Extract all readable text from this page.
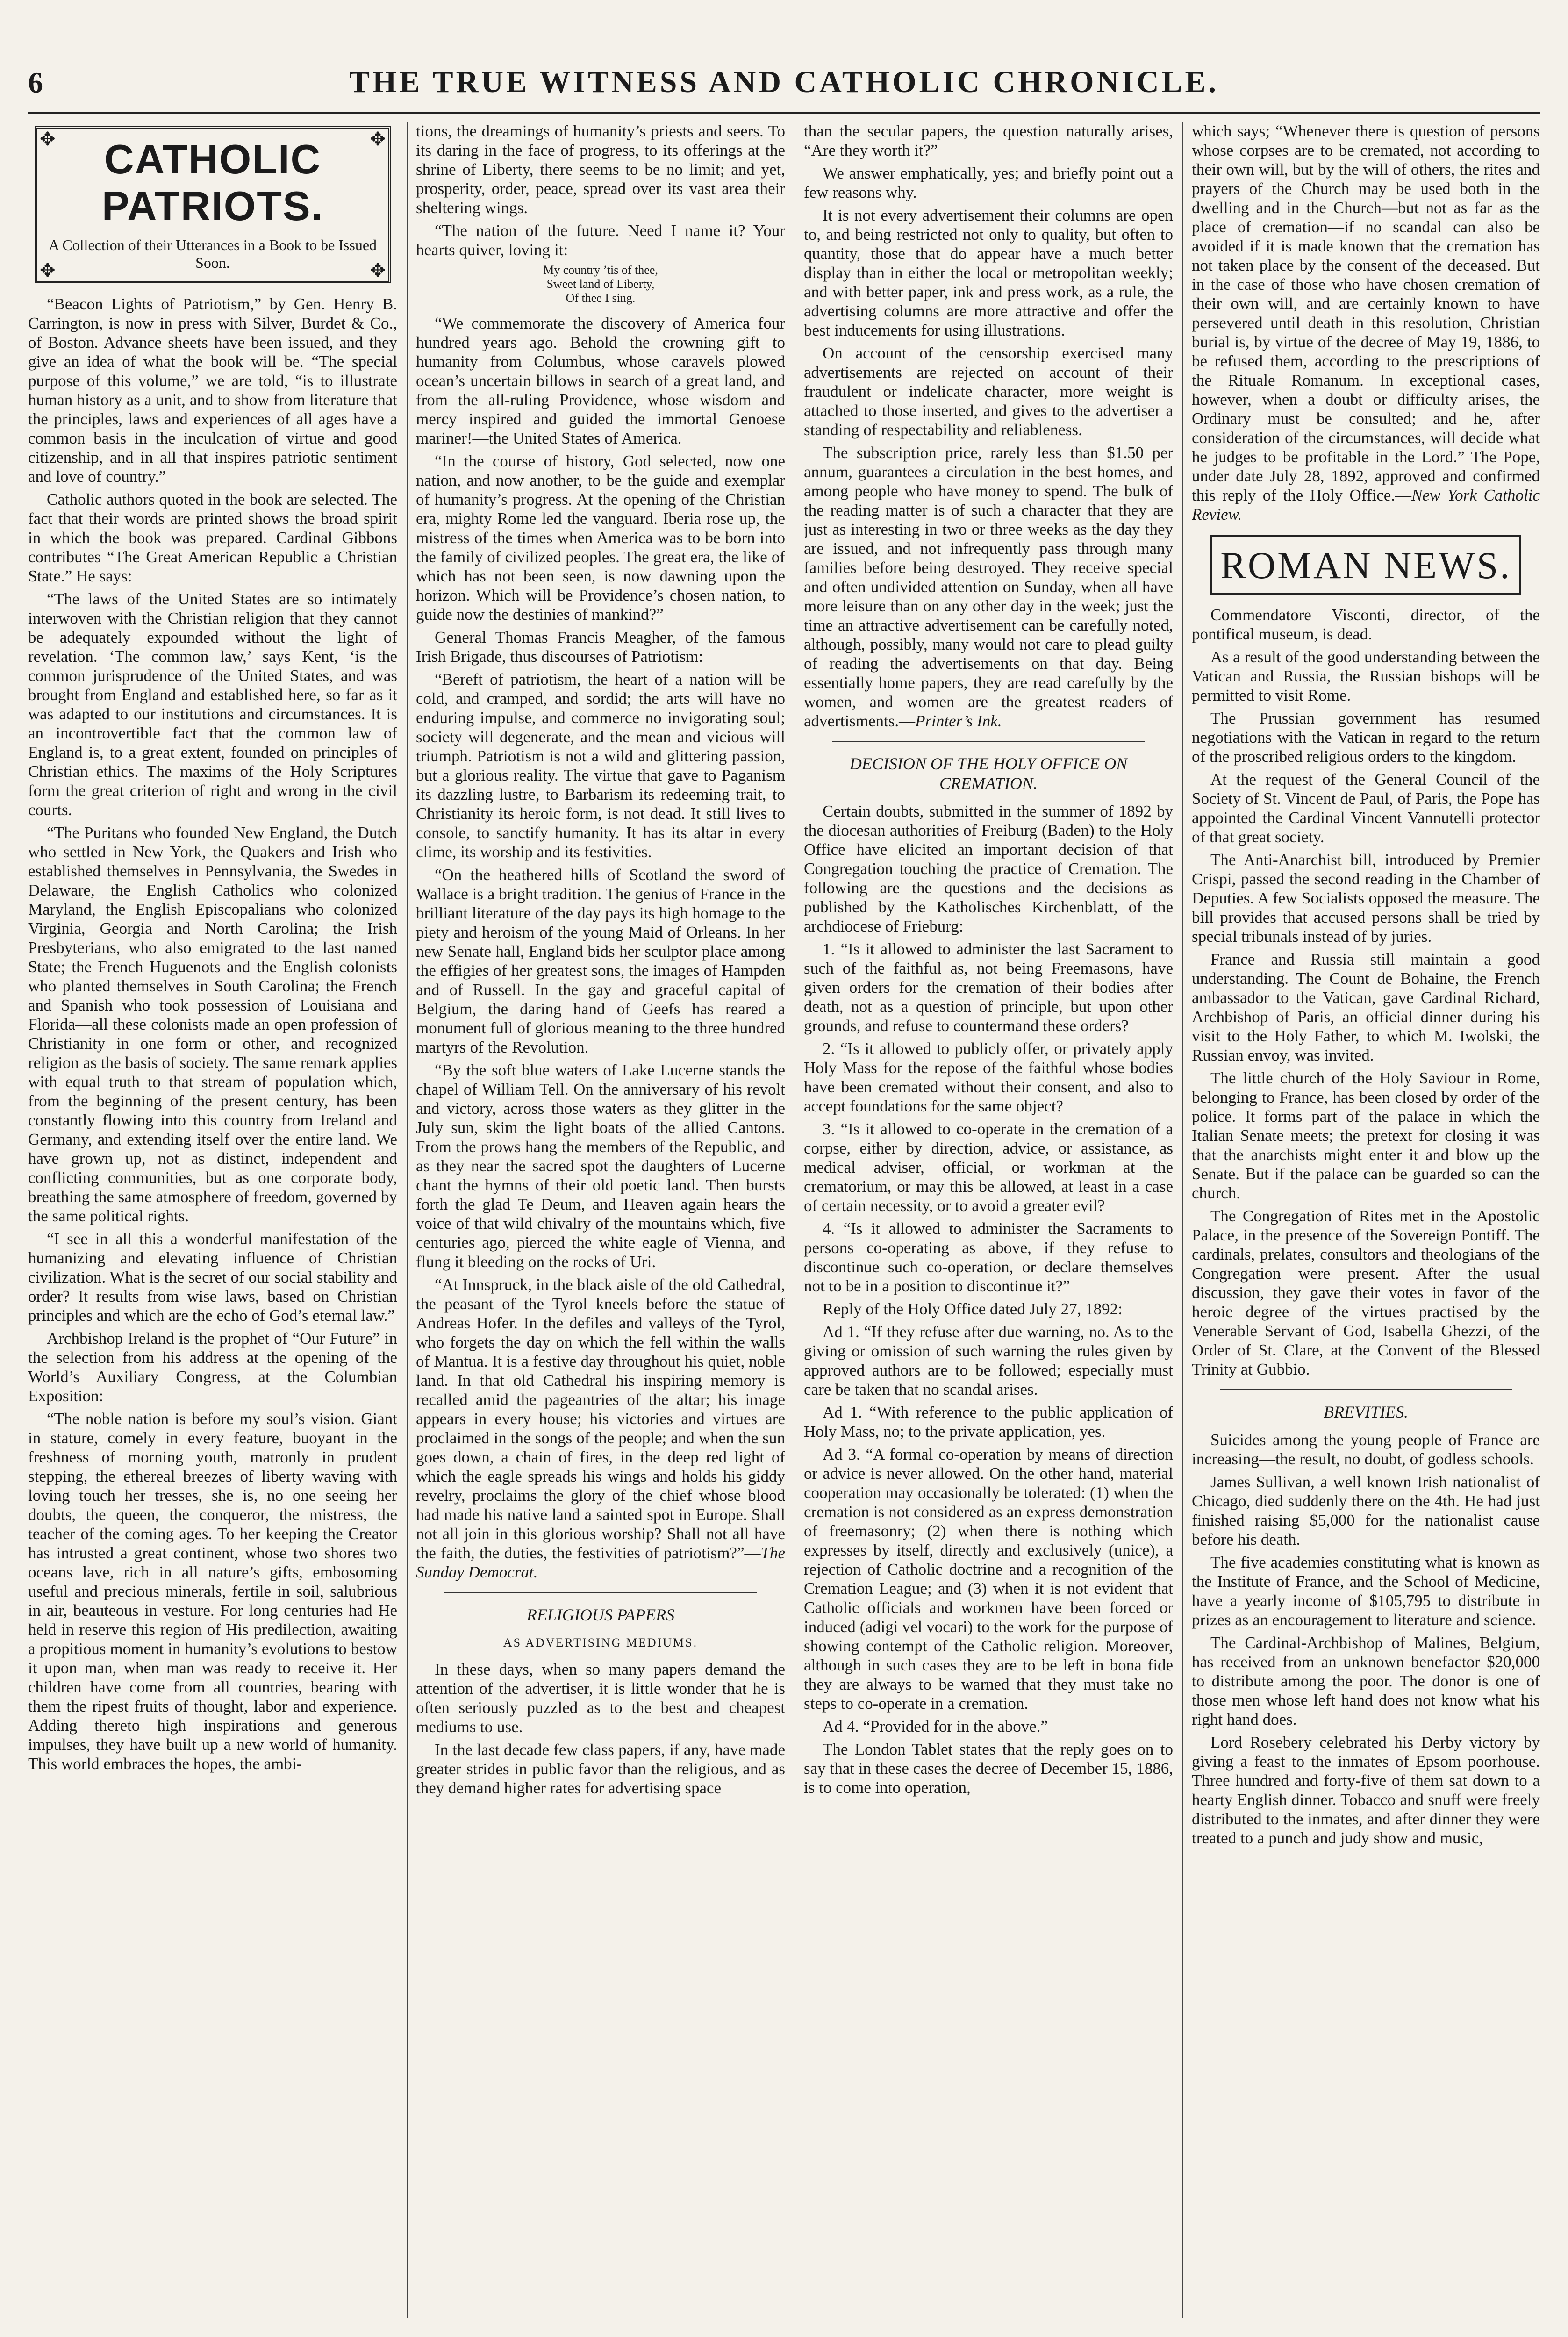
6	THE TRUE WITNESS AND CATHOLIC CHRONICLE.
✥	✥
✥	✥
CATHOLIC PATRIOTS.
A Collection of their Utterances in a Book to be Issued Soon.

“Beacon Lights of Patriotism,” by Gen. Henry B. Carrington, is now in press with Silver, Burdet & Co., of Boston. Advance sheets have been issued, and they give an idea of what the book will be. “The special purpose of this volume,” we are told, “is to illustrate human history as a unit, and to show from literature that the principles, laws and experiences of all ages have a common basis in the inculcation of virtue and good citizenship, and in all that inspires patriotic sentiment and love of country.”

Catholic authors quoted in the book are selected. The fact that their words are printed shows the broad spirit in which the book was prepared. Cardinal Gibbons contributes “The Great American Republic a Christian State.” He says:

“The laws of the United States are so intimately interwoven with the Christian religion that they cannot be adequately expounded without the light of revelation. ‘The common law,’ says Kent, ‘is the common jurisprudence of the United States, and was brought from England and established here, so far as it was adapted to our institutions and circumstances. It is an incontrovertible fact that the common law of England is, to a great extent, founded on principles of Christian ethics. The maxims of the Holy Scriptures form the great criterion of right and wrong in the civil courts.

“The Puritans who founded New England, the Dutch who settled in New York, the Quakers and Irish who established themselves in Pennsylvania, the Swedes in Delaware, the English Catholics who colonized Maryland, the English Episcopalians who colonized Virginia, Georgia and North Carolina; the Irish Presbyterians, who also emigrated to the last named State; the French Huguenots and the English colonists who planted themselves in South Carolina; the French and Spanish who took possession of Louisiana and Florida—all these colonists made an open profession of Christianity in one form or other, and recognized religion as the basis of society. The same remark applies with equal truth to that stream of population which, from the beginning of the present century, has been constantly flowing into this country from Ireland and Germany, and extending itself over the entire land. We have grown up, not as distinct, independent and conflicting communities, but as one corporate body, breathing the same atmosphere of freedom, governed by the same political rights.

“I see in all this a wonderful manifestation of the humanizing and elevating influence of Christian civilization. What is the secret of our social stability and order? It results from wise laws, based on Christian principles and which are the echo of God’s eternal law.”

Archbishop Ireland is the prophet of “Our Future” in the selection from his address at the opening of the World’s Auxiliary Congress, at the Columbian Exposition:

“The noble nation is before my soul’s vision. Giant in stature, comely in every feature, buoyant in the freshness of morning youth, matronly in prudent stepping, the ethereal breezes of liberty waving with loving touch her tresses, she is, no one seeing her doubts, the queen, the conqueror, the mistress, the teacher of the coming ages. To her keeping the Creator has intrusted a great continent, whose two shores two oceans lave, rich in all nature’s gifts, embosoming useful and precious minerals, fertile in soil, salubrious in air, beauteous in vesture. For long centuries had He held in reserve this region of His predilection, awaiting a propitious moment in humanity’s evolutions to bestow it upon man, when man was ready to receive it. Her children have come from all countries, bearing with them the ripest fruits of thought, labor and experience. Adding thereto high inspirations and generous impulses, they have built up a new world of humanity. This world embraces the hopes, the ambi-

tions, the dreamings of humanity’s priests and seers. To its daring in the face of progress, to its offerings at the shrine of Liberty, there seems to be no limit; and yet, prosperity, order, peace, spread over its vast area their sheltering wings.

“The nation of the future. Need I name it? Your hearts quiver, loving it:

My country ’tis of thee,
Sweet land of Liberty,
Of thee I sing.

“We commemorate the discovery of America four hundred years ago. Behold the crowning gift to humanity from Columbus, whose caravels plowed ocean’s uncertain billows in search of a great land, and from the all-ruling Providence, whose wisdom and mercy inspired and guided the immortal Genoese mariner!—the United States of America.

“In the course of history, God selected, now one nation, and now another, to be the guide and exemplar of humanity’s progress. At the opening of the Christian era, mighty Rome led the vanguard. Iberia rose up, the mistress of the times when America was to be born into the family of civilized peoples. The great era, the like of which has not been seen, is now dawning upon the horizon. Which will be Providence’s chosen nation, to guide now the destinies of mankind?”

General Thomas Francis Meagher, of the famous Irish Brigade, thus discourses of Patriotism:

“Bereft of patriotism, the heart of a nation will be cold, and cramped, and sordid; the arts will have no enduring impulse, and commerce no invigorating soul; society will degenerate, and the mean and vicious will triumph. Patriotism is not a wild and glittering passion, but a glorious reality. The virtue that gave to Paganism its dazzling lustre, to Barbarism its redeeming trait, to Christianity its heroic form, is not dead. It still lives to console, to sanctify humanity. It has its altar in every clime, its worship and its festivities.

“On the heathered hills of Scotland the sword of Wallace is a bright tradition. The genius of France in the brilliant literature of the day pays its high homage to the piety and heroism of the young Maid of Orleans. In her new Senate hall, England bids her sculptor place among the effigies of her greatest sons, the images of Hampden and of Russell. In the gay and graceful capital of Belgium, the daring hand of Geefs has reared a monument full of glorious meaning to the three hundred martyrs of the Revolution.

“By the soft blue waters of Lake Lucerne stands the chapel of William Tell. On the anniversary of his revolt and victory, across those waters as they glitter in the July sun, skim the light boats of the allied Cantons. From the prows hang the members of the Republic, and as they near the sacred spot the daughters of Lucerne chant the hymns of their old poetic land. Then bursts forth the glad Te Deum, and Heaven again hears the voice of that wild chivalry of the mountains which, five centuries ago, pierced the white eagle of Vienna, and flung it bleeding on the rocks of Uri.

“At Innspruck, in the black aisle of the old Cathedral, the peasant of the Tyrol kneels before the statue of Andreas Hofer. In the defiles and valleys of the Tyrol, who forgets the day on which the fell within the walls of Mantua. It is a festive day throughout his quiet, noble land. In that old Cathedral his inspiring memory is recalled amid the pageantries of the altar; his image appears in every house; his victories and virtues are proclaimed in the songs of the people; and when the sun goes down, a chain of fires, in the deep red light of which the eagle spreads his wings and holds his giddy revelry, proclaims the glory of the chief whose blood had made his native land a sainted spot in Europe. Shall not all join in this glorious worship? Shall not all have the faith, the duties, the festivities of patriotism?”—The Sunday Democrat.

RELIGIOUS PAPERS
AS ADVERTISING MEDIUMS.

In these days, when so many papers demand the attention of the advertiser, it is little wonder that he is often seriously puzzled as to the best and cheapest mediums to use.

In the last decade few class papers, if any, have made greater strides in public favor than the religious, and as they demand higher rates for advertising space

than the secular papers, the question naturally arises, “Are they worth it?”

We answer emphatically, yes; and briefly point out a few reasons why.

It is not every advertisement their columns are open to, and being restricted not only to quality, but often to quantity, those that do appear have a much better display than in either the local or metropolitan weekly; and with better paper, ink and press work, as a rule, the advertising columns are more attractive and offer the best inducements for using illustrations.

On account of the censorship exercised many advertisements are rejected on account of their fraudulent or indelicate character, more weight is attached to those inserted, and gives to the advertiser a standing of respectability and reliableness.

The subscription price, rarely less than $1.50 per annum, guarantees a circulation in the best homes, and among people who have money to spend. The bulk of the reading matter is of such a character that they are just as interesting in two or three weeks as the day they are issued, and not infrequently pass through many families before being destroyed. They receive special and often undivided attention on Sunday, when all have more leisure than on any other day in the week; just the time an attractive advertisement can be carefully noted, although, possibly, many would not care to plead guilty of reading the advertisements on that day. Being essentially home papers, they are read carefully by the women, and women are the greatest readers of advertisments.—Printer’s Ink.

DECISION OF THE HOLY OFFICE ON CREMATION.

Certain doubts, submitted in the summer of 1892 by the diocesan authorities of Freiburg (Baden) to the Holy Office have elicited an important decision of that Congregation touching the practice of Cremation. The following are the questions and the decisions as published by the Katholisches Kirchenblatt, of the archdiocese of Frieburg:

1. “Is it allowed to administer the last Sacrament to such of the faithful as, not being Freemasons, have given orders for the cremation of their bodies after death, not as a question of principle, but upon other grounds, and refuse to countermand these orders?

2. “Is it allowed to publicly offer, or privately apply Holy Mass for the repose of the faithful whose bodies have been cremated without their consent, and also to accept foundations for the same object?

3. “Is it allowed to co-operate in the cremation of a corpse, either by direction, advice, or assistance, as medical adviser, official, or workman at the crematorium, or may this be allowed, at least in a case of certain necessity, or to avoid a greater evil?

4. “Is it allowed to administer the Sacraments to persons co-operating as above, if they refuse to discontinue such co-operation, or declare themselves not to be in a position to discontinue it?”

Reply of the Holy Office dated July 27, 1892:

Ad 1. “If they refuse after due warning, no. As to the giving or omission of such warning the rules given by approved authors are to be followed; especially must care be taken that no scandal arises.

Ad 1. “With reference to the public application of Holy Mass, no; to the private application, yes.

Ad 3. “A formal co-operation by means of direction or advice is never allowed. On the other hand, material cooperation may occasionally be tolerated: (1) when the cremation is not considered as an express demonstration of freemasonry; (2) when there is nothing which expresses by itself, directly and exclusively (unice), a rejection of Catholic doctrine and a recognition of the Cremation League; and (3) when it is not evident that Catholic officials and workmen have been forced or induced (adigi vel vocari) to the work for the purpose of showing contempt of the Catholic religion. Moreover, although in such cases they are to be left in bona fide they are always to be warned that they must take no steps to co-operate in a cremation.

Ad 4. “Provided for in the above.”

The London Tablet states that the reply goes on to say that in these cases the decree of December 15, 1886, is to come into operation,

which says; “Whenever there is question of persons whose corpses are to be cremated, not according to their own will, but by the will of others, the rites and prayers of the Church may be used both in the dwelling and in the Church—but not as far as the place of cremation—if no scandal can also be avoided if it is made known that the cremation has not taken place by the consent of the deceased. But in the case of those who have chosen cremation of their own will, and are certainly known to have persevered until death in this resolution, Christian burial is, by virtue of the decree of May 19, 1886, to be refused them, according to the prescriptions of the Rituale Romanum. In exceptional cases, however, when a doubt or difficulty arises, the Ordinary must be consulted; and he, after consideration of the circumstances, will decide what he judges to be profitable in the Lord.” The Pope, under date July 28, 1892, approved and confirmed this reply of the Holy Office.—New York Catholic Review.

ROMAN NEWS.

Commendatore Visconti, director, of the pontifical museum, is dead.

As a result of the good understanding between the Vatican and Russia, the Russian bishops will be permitted to visit Rome.

The Prussian government has resumed negotiations with the Vatican in regard to the return of the proscribed religious orders to the kingdom.

At the request of the General Council of the Society of St. Vincent de Paul, of Paris, the Pope has appointed the Cardinal Vincent Vannutelli protector of that great society.

The Anti-Anarchist bill, introduced by Premier Crispi, passed the second reading in the Chamber of Deputies. A few Socialists opposed the measure. The bill provides that accused persons shall be tried by special tribunals instead of by juries.

France and Russia still maintain a good understanding. The Count de Bohaine, the French ambassador to the Vatican, gave Cardinal Richard, Archbishop of Paris, an official dinner during his visit to the Holy Father, to which M. Iwolski, the Russian envoy, was invited.

The little church of the Holy Saviour in Rome, belonging to France, has been closed by order of the police. It forms part of the palace in which the Italian Senate meets; the pretext for closing it was that the anarchists might enter it and blow up the Senate. But if the palace can be guarded so can the church.

The Congregation of Rites met in the Apostolic Palace, in the presence of the Sovereign Pontiff. The cardinals, prelates, consultors and theologians of the Congregation were present. After the usual discussion, they gave their votes in favor of the heroic degree of the virtues practised by the Venerable Servant of God, Isabella Ghezzi, of the Order of St. Clare, at the Convent of the Blessed Trinity at Gubbio.

BREVITIES.

Suicides among the young people of France are increasing—the result, no doubt, of godless schools.

James Sullivan, a well known Irish nationalist of Chicago, died suddenly there on the 4th. He had just finished raising $5,000 for the nationalist cause before his death.

The five academies constituting what is known as the Institute of France, and the School of Medicine, have a yearly income of $105,795 to distribute in prizes as an encouragement to literature and science.

The Cardinal-Archbishop of Malines, Belgium, has received from an unknown benefactor $20,000 to distribute among the poor. The donor is one of those men whose left hand does not know what his right hand does.

Lord Rosebery celebrated his Derby victory by giving a feast to the inmates of Epsom poorhouse. Three hundred and forty-five of them sat down to a hearty English dinner. Tobacco and snuff were freely distributed to the inmates, and after dinner they were treated to a punch and judy show and music,
